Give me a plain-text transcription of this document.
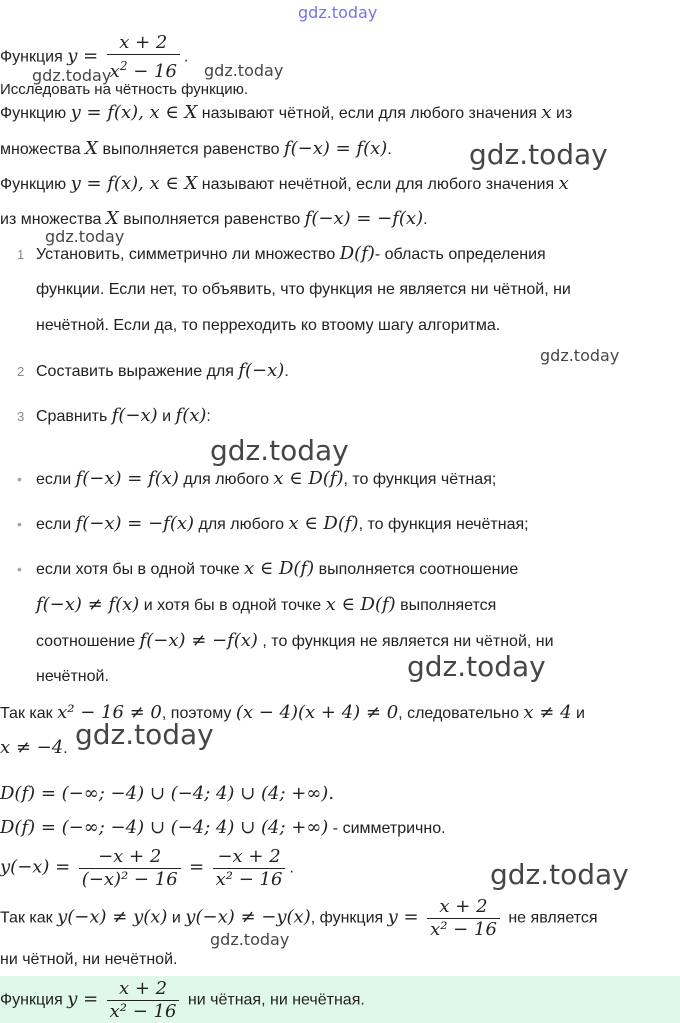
Функция $y = \frac{x + 2}{x^2 - 16}$ .
Исследовать на чётность функцию.
Функцию y = f(x), x ∈ X называют чётной, если для любого значения x из
множества X выполняется равенство f(−x) = f(x).
Функцию y = f(x), x ∈ X называют нечётной, если для любого значения x
из множества X выполняется равенство f(−x) = −f(x).
1 Установить, симметрично ли множество D(f)- область определения
функции. Если нет, то объявить, что функция не является ни чётной, ни
нечётной. Если да, то перреходить ко втоому шагу алгоритма.
2 Составить выражение для f(−x).
3 Сравнить f(−x) и f(x):
• если f(−x) = f(x) для любого x ∈ D(f), то функция чётная;
• если f(−x) = −f(x) для любого x ∈ D(f), то функция нечётная;
• если хотя бы в одной точке x ∈ D(f) выполняется соотношение
f(−x) ≠ f(x) и хотя бы в одной точке x ∈ D(f) выполняется
соотношение f(−x) ≠ −f(x) , то функция не является ни чётной, ни
нечётной.
Так как x² − 16 ≠ 0, поэтому (x − 4)(x + 4) ≠ 0, следовательно x ≠ 4 и
x ≠ −4.
D(f) = (−∞; −4) ∪ (−4; 4) ∪ (4; +∞).
D(f) = (−∞; −4) ∪ (−4; 4) ∪ (4; +∞) - симметрично.
$y(-x) = \frac{-x + 2}{\text{(−x)² − 16}} = \frac{-x + 2}{\text{x² − 16}}$ .
Так как y(−x) ≠ y(x) и y(−x) ≠ −y(x), функция $y = \frac{x + 2}{\text{x² − 16}}$ не является
ни чётной, ни нечётной.
Функция $y = \frac{x + 2}{\text{x² − 16}}$ ни чётная, ни нечётная.
gdz.today
gdz.today	gdz.today
gdz.today
gdz.today
gdz.today
gdz.today
gdz.today
gdz.today
gdz.today
gdz.today
